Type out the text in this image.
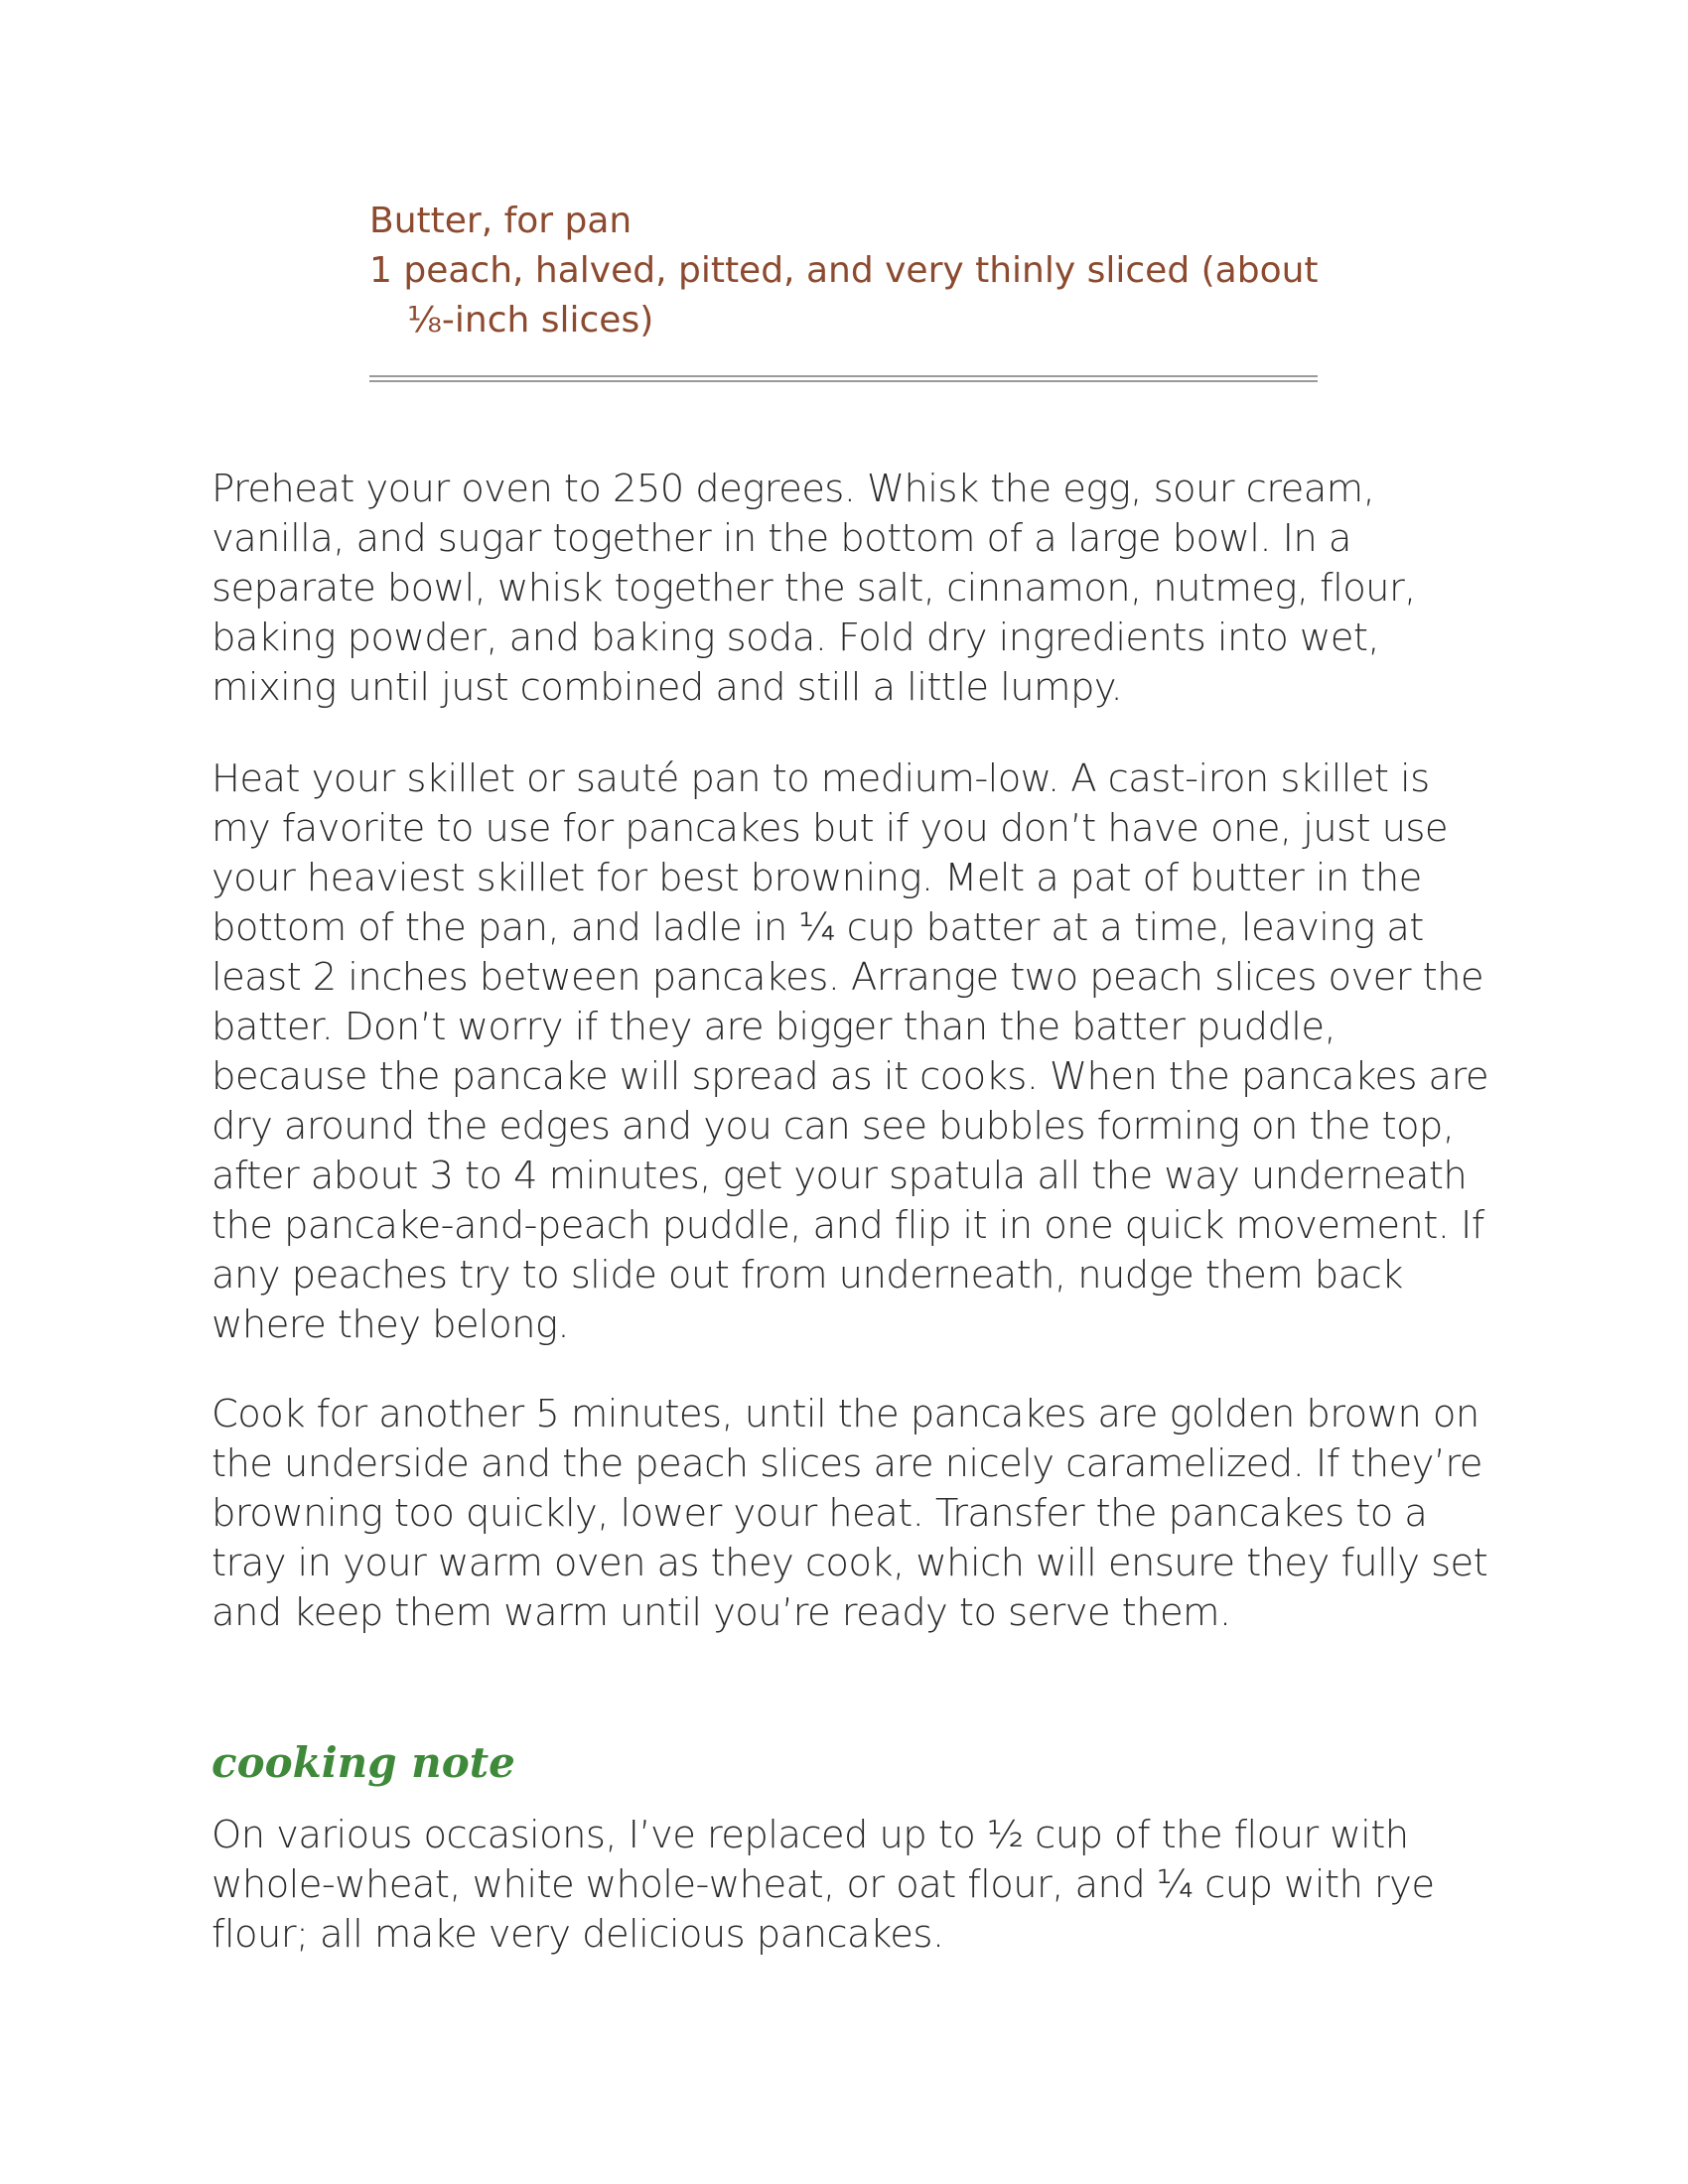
Butter, for pan

1 peach, halved, pitted, and very thinly sliced (about ⅛-inch slices)

Preheat your oven to 250 degrees. Whisk the egg, sour cream, vanilla, and sugar together in the bottom of a large bowl. In a separate bowl, whisk together the salt, cinnamon, nutmeg, flour, baking powder, and baking soda. Fold dry ingredients into wet, mixing until just combined and still a little lumpy.

Heat your skillet or sauté pan to medium-low. A cast-iron skillet is my favorite to use for pancakes but if you don’t have one, just use your heaviest skillet for best browning. Melt a pat of butter in the bottom of the pan, and ladle in ¼ cup batter at a time, leaving at least 2 inches between pancakes. Arrange two peach slices over the batter. Don’t worry if they are bigger than the batter puddle, because the pancake will spread as it cooks. When the pancakes are dry around the edges and you can see bubbles forming on the top, after about 3 to 4 minutes, get your spatula all the way underneath the pancake-and-peach puddle, and flip it in one quick movement. If any peaches try to slide out from underneath, nudge them back where they belong.

Cook for another 5 minutes, until the pancakes are golden brown on the underside and the peach slices are nicely caramelized. If they’re browning too quickly, lower your heat. Transfer the pancakes to a tray in your warm oven as they cook, which will ensure they fully set and keep them warm until you’re ready to serve them.

cooking note

On various occasions, I’ve replaced up to ½ cup of the flour with whole-wheat, white whole-wheat, or oat flour, and ¼ cup with rye flour; all make very delicious pancakes.
